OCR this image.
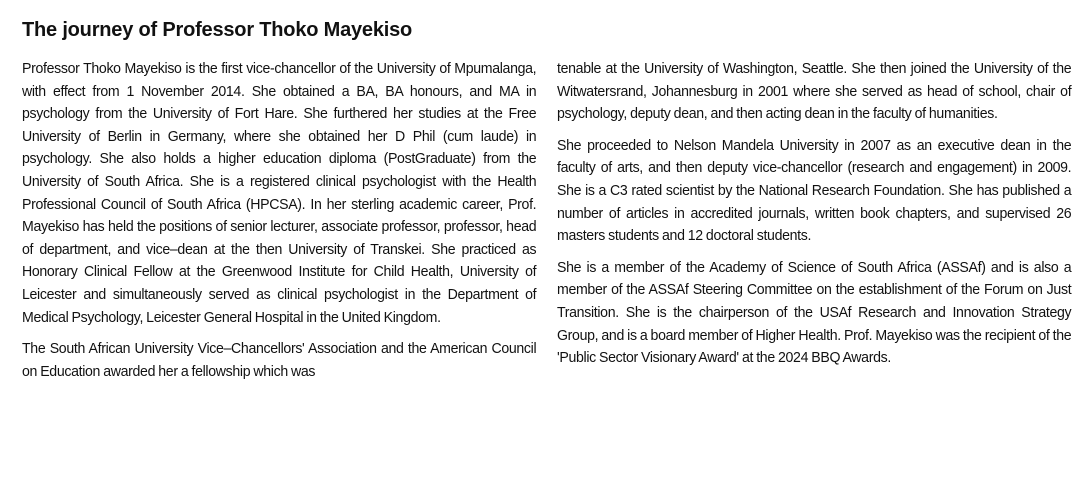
The journey of Professor Thoko Mayekiso

Professor Thoko Mayekiso is the first vice-chancellor of the University of Mpumalanga, with effect from 1 November 2014. She obtained a BA, BA honours, and MA in psychology from the University of Fort Hare. She furthered her studies at the Free University of Berlin in Germany, where she obtained her D Phil (cum laude) in psychology. She also holds a higher education diploma (PostGraduate) from the University of South Africa. She is a registered clinical psychologist with the Health Professional Council of South Africa (HPCSA). In her sterling academic career, Prof. Mayekiso has held the positions of senior lecturer, associate professor, professor, head of department, and vice–dean at the then University of Transkei. She practiced as Honorary Clinical Fellow at the Greenwood Institute for Child Health, University of Leicester and simultaneously served as clinical psychologist in the Department of Medical Psychology, Leicester General Hospital in the United Kingdom.

The South African University Vice–Chancellors' Association and the American Council on Education awarded her a fellowship which was

tenable at the University of Washington, Seattle. She then joined the University of the Witwatersrand, Johannesburg in 2001 where she served as head of school, chair of psychology, deputy dean, and then acting dean in the faculty of humanities.

She proceeded to Nelson Mandela University in 2007 as an executive dean in the faculty of arts, and then deputy vice-chancellor (research and engagement) in 2009. She is a C3 rated scientist by the National Research Foundation. She has published a number of articles in accredited journals, written book chapters, and supervised 26 masters students and 12 doctoral students.

She is a member of the Academy of Science of South Africa (ASSAf) and is also a member of the ASSAf Steering Committee on the establishment of the Forum on Just Transition. She is the chairperson of the USAf Research and Innovation Strategy Group, and is a board member of Higher Health. Prof. Mayekiso was the recipient of the 'Public Sector Visionary Award' at the 2024 BBQ Awards.
